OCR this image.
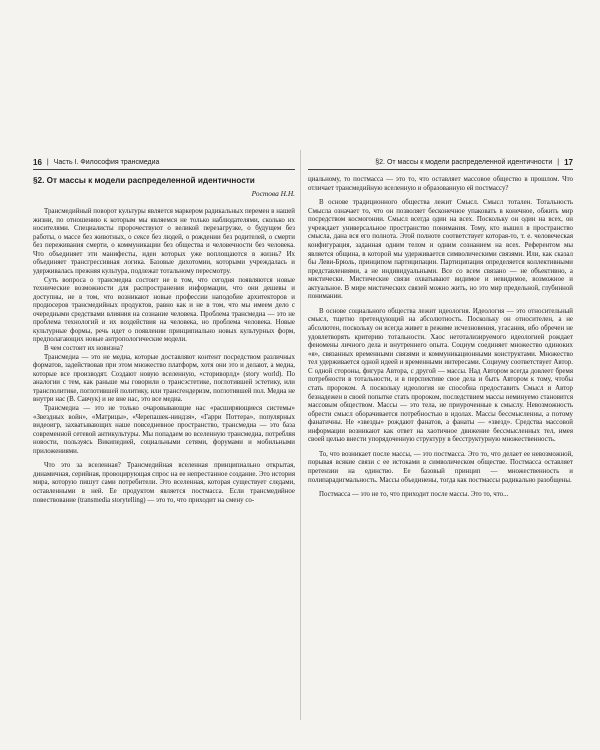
16 | Часть I. Философия трансмедиа
§2. От массы к модели распределенной идентичности
Ростова Н.Н.

Трансмедийный поворот культуры является маркером радикальных перемен в нашей жизни, по отношению к которым мы являемся не только наблюдателями, сколько их носителями. Специалисты пророчествуют о великой перезагрузке, о будущем без работы, о массе без животных, о сексе без людей, о рождении без родителей, о смерти без переживания смерти, о коммуникации без общества и человечности без человека. Что объединяет эти манифесты, идеи которых уже воплощаются в жизнь? Их объединяет трансгрессивная логика. Базовые дихотомии, которыми учреждалась и удерживалась прежняя культура, подлежат тотальному пересмотру.

Суть вопроса о трансмедиа состоит не в том, что сегодня появляются новые технические возможности для распространения информации, что они дешевы и доступны, не в том, что возникают новые профессии наподобие архитекторов и продюсеров трансмедийных продуктов, равно как и не в том, что мы имеем дело с очередными средствами влияния на сознание человека. Проблема трансмедиа — это не проблема технологий и их воздействия на человека, но проблема человека. Новые культурные формы, речь идет о появлении принципиально новых культурных форм, предполагающих новые антропологические модели.

В чем состоит их новизна?

Трансмедиа — это не медиа, которые доставляют контент посредством различных форматов, задействовав при этом множество платформ, хотя они это и делают, а медиа, которые все производят. Создают новую вселенную, «сториворлд» (story world). По аналогии с тем, как раньше мы говорили о трансэстетике, поглотившей эстетику, или трансполитике, поглотившей политику, или трансгендеризм, поглотившей пол. Медиа не внутри нас (В. Савчук) и не вне нас, это все медиа.

Трансмедиа — это не только очаровывающие нас «расширяющиеся системы» «Звездных войн», «Матрицы», «Черепашек-ниндзя», «Гарри Поттера», популярных видеоигр, захватывающих наше повседневное пространство, трансмедиа — это база современной сетевой антикультуры. Мы попадаем во вселенную трансмедиа, потребляя новости, пользуясь Википедией, социальными сетями, форумами и мобильными приложениями.

Что это за вселенная? Трансмедийная вселенная принципиально открытая, динамичная, серийная, провоцирующая спрос на ее непрестанное создание. Это история мира, которую пишут сами потребители. Это вселенная, которая существует следами, оставленными в ней. Ее продуктом является постмасса. Если трансмедийное повествование (transmedia storytelling) — это то, что приходит на смену со-

§2. От массы к модели распределенной идентичности | 17

циальному, то постмасса — это то, что оставляет массовое общество в прошлом. Что отличает трансмедийную вселенную и образованную ей постмассу?

В основе традиционного общества лежит Смысл. Смысл тотален. Тотальность Смысла означает то, что он позволяет бесконечное упаковать в конечное, обжить мир посредством космогонии. Смысл всегда один на всех. Поскольку он один на всех, он учреждает универсальное пространство понимания. Тому, кто вышел в пространство смысла, дана вся его полнота. Этой полноте соответствует которая-то, т. е. человеческая конфигурация, заданная одним телом и одним сознанием на всех. Референтом мы является община, в которой мы удерживается символическими связями. Или, как сказал бы Леви-Брюль, принципом партиципации. Партиципация определяется коллективными представлениями, а не индивидуальными. Все со всем связано — не объективно, а мистически. Мистические связи охватывают видимое и невидимое, возможное и актуальное. В мире мистических связей можно жить, но это мир предельной, глубинной понимании.

В основе социального общества лежит идеология. Идеология — это относительный смысл, тщетно претендующий на абсолютность. Поскольку он относителен, а не абсолютен, поскольку он всегда живет в режиме исчезновения, угасания, ибо обречен не удовлетворять критерию тотальности. Хаос нетотализируемого идеологией рождает феномены личного дела и внутреннего опыта. Социум соединяет множество одиноких «я», связанных временными связями и коммуникационными конструктами. Множество тел удерживается одной идеей и временными интересами. Социуму соответствует Автор. С одной стороны, фигура Автора, с другой — массы. Над Автором всегда довлеет бремя потребности в тотальности, и в перспективе свое дела и быть Автором к тому, чтобы стать пророком. А поскольку идеология не способна предоставить Смысл и Автор безнадежен в своей попытке стать пророком, последствием массы неминуемо становится массовым обществом. Массы — это тела, не приуроченные к смыслу. Невозможность обрести смысл оборачивается потребностью в идолах. Массы бессмысленны, а потому фанатичны. Не «звезды» рождают фанатов, а фанаты — «звезд». Средства массовой информации возникают как ответ на хаотичное движение бессмысленных тел, имея своей целью внести упорядоченную структуру в бесструктурную множественность.

То, что возникает после массы, — это постмасса. Это то, что делает ее невозможной, порывая всякие связи с ее истоками в символическом обществе. Постмасса оставляет претензии на единство. Ее базовый принцип — множественность и полипарадигмальность. Массы объединены, тогда как постмассы радикально разобщены.

Постмасса — это не то, что приходит после массы. Это то, что...
